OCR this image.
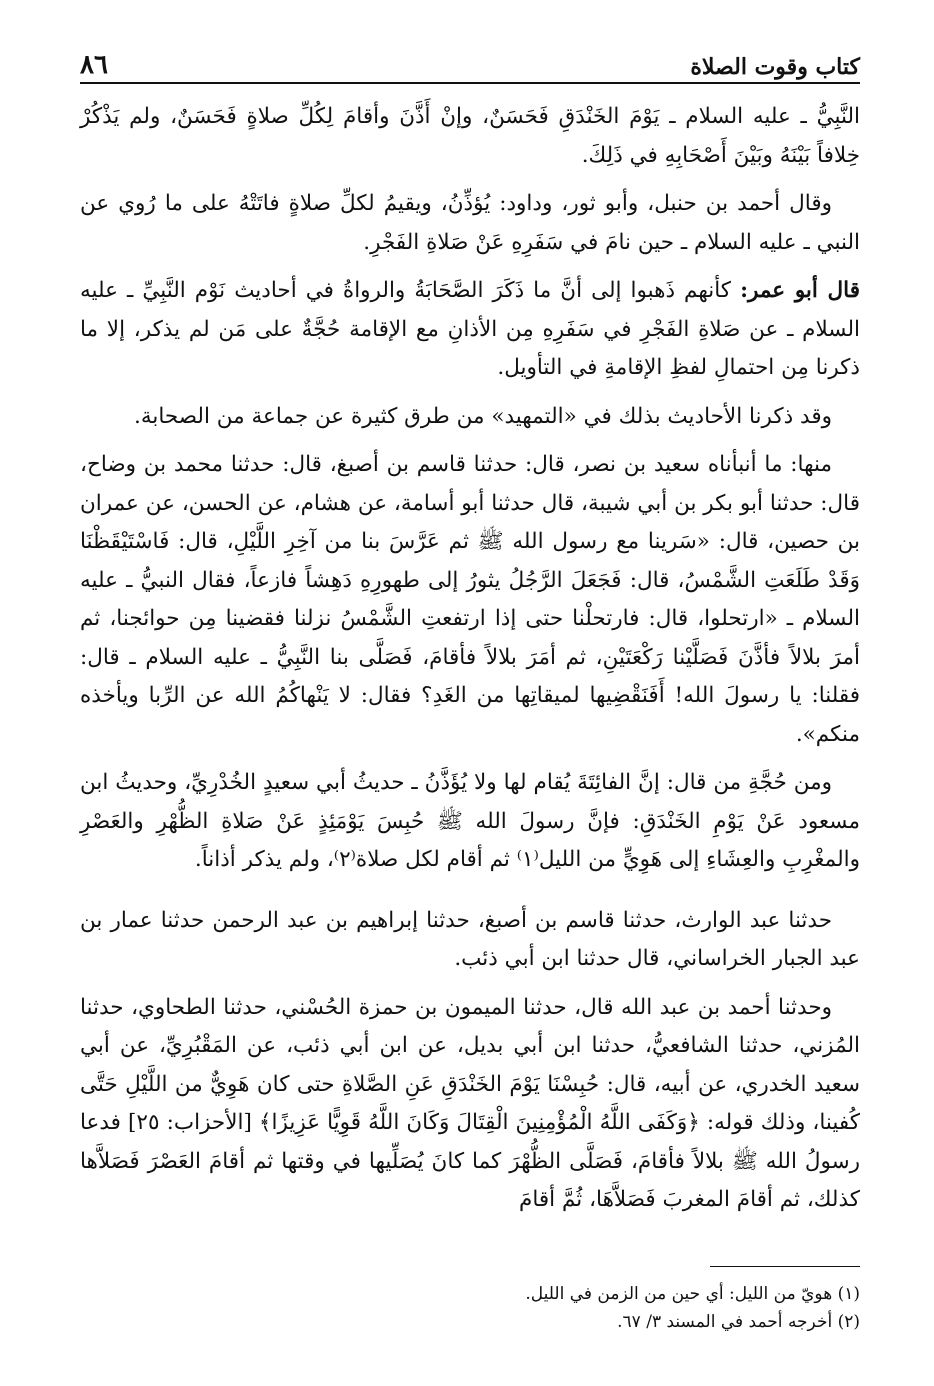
كتاب وقوت الصلاة
٨٦

النَّبِيُّ ـ عليه السلام ـ يَوْمَ الخَنْدَقِ فَحَسَنٌ، وإنْ أَذَّنَ وأقامَ لِكُلِّ صلاةٍ فَحَسَنٌ، ولم يَذْكُرْ خِلافاً بَيْنَهُ وبَيْنَ أَصْحَابِهِ في ذَلِكَ.

وقال أحمد بن حنبل، وأبو ثور، وداود: يُؤذِّنُ، ويقيمُ لكلِّ صلاةٍ فاتَتْهُ على ما رُوي عن النبي ـ عليه السلام ـ حين نامَ في سَفَرِهِ عَنْ صَلاةِ الفَجْرِ.

قال أبو عمر: كأنهم ذَهبوا إلى أنَّ ما ذَكَرَ الصَّحَابَةُ والرواةُ في أحاديث نَوْم النَّبِيِّ ـ عليه السلام ـ عن صَلاةِ الفَجْرِ في سَفَرِهِ مِن الأذانِ مع الإقامة حُجَّةٌ على مَن لم يذكر، إلا ما ذكرنا مِن احتمالِ لفظِ الإقامةِ في التأويل.

وقد ذكرنا الأحاديث بذلك في «التمهيد» من طرق كثيرة عن جماعة من الصحابة.

منها: ما أنبأناه سعيد بن نصر، قال: حدثنا قاسم بن أصبغ، قال: حدثنا محمد بن وضاح، قال: حدثنا أبو بكر بن أبي شيبة، قال حدثنا أبو أسامة، عن هشام، عن الحسن، عن عمران بن حصين، قال: «سَرينا مع رسول الله ﷺ ثم عَرَّسَ بنا من آخِرِ اللَّيْلِ، قال: فَاسْتَيْقَظْنَا وَقَدْ طَلَعَتِ الشَّمْسُ، قال: فَجَعَلَ الرَّجُلُ يثورُ إلى طهورِهِ دَهِشاً فازعاً، فقال النبيُّ ـ عليه السلام ـ «ارتحلوا، قال: فارتحلْنا حتى إذا ارتفعتِ الشَّمْسُ نزلنا فقضينا مِن حوائجنا، ثم أمرَ بلالاً فأذَّنَ فَصَلَّيْنا رَكْعَتَيْنِ، ثم أمَرَ بلالاً فأقامَ، فَصَلَّى بنا النَّبِيُّ ـ عليه السلام ـ قال: فقلنا: يا رسولَ الله! أَفَنَقْضِيها لميقاتِها من الغَدِ؟ فقال: لا يَنْهاكُمُ الله عن الرِّبا ويأخذه منكم».

ومن حُجَّةِ من قال: إنَّ الفائِتَةَ يُقام لها ولا يُؤَذَّنُ ـ حديثُ أبي سعيدٍ الخُدْرِيِّ، وحديثُ ابن مسعود عَنْ يَوْمِ الخَنْدَقِ: فإنَّ رسولَ الله ﷺ حُبِسَ يَوْمَئِذٍ عَنْ صَلاةِ الظُّهْرِ والعَصْرِ والمغْرِبِ والعِشَاءِ إلى هَوِيٍّ من الليل⁽١⁾ ثم أقام لكل صلاة⁽٢⁾، ولم يذكر أذاناً.

حدثنا عبد الوارث، حدثنا قاسم بن أصبغ، حدثنا إبراهيم بن عبد الرحمن حدثنا عمار بن عبد الجبار الخراساني، قال حدثنا ابن أبي ذئب.

وحدثنا أحمد بن عبد الله قال، حدثنا الميمون بن حمزة الحُسْني، حدثنا الطحاوي، حدثنا المُزني، حدثنا الشافعيُّ، حدثنا ابن أبي بديل، عن ابن أبي ذئب، عن المَقْبُرِيِّ، عن أبي سعيد الخدري، عن أبيه، قال: حُبِسْنَا يَوْمَ الخَنْدَقِ عَنِ الصَّلاةِ حتى كان هَوِيٌّ من اللَّيْلِ حَتَّى كُفينا، وذلك قوله: ﴿وَكَفَى اللَّهُ الْمُؤْمِنِينَ الْقِتَالَ وَكَانَ اللَّهُ قَوِيًّا عَزِيزًا﴾ [الأحزاب: ٢٥] فدعا رسولُ الله ﷺ بلالاً فأقامَ، فَصَلَّى الظُّهْرَ كما كانَ يُصَلِّيها في وقتها ثم أقامَ العَصْرَ فَصَلاَّها كذلك، ثم أقامَ المغربَ فَصَلاَّهَا، ثُمَّ أقامَ

(١) هويّ من الليل: أي حين من الزمن في الليل.
(٢) أخرجه أحمد في المسند ٣/ ٦٧.
